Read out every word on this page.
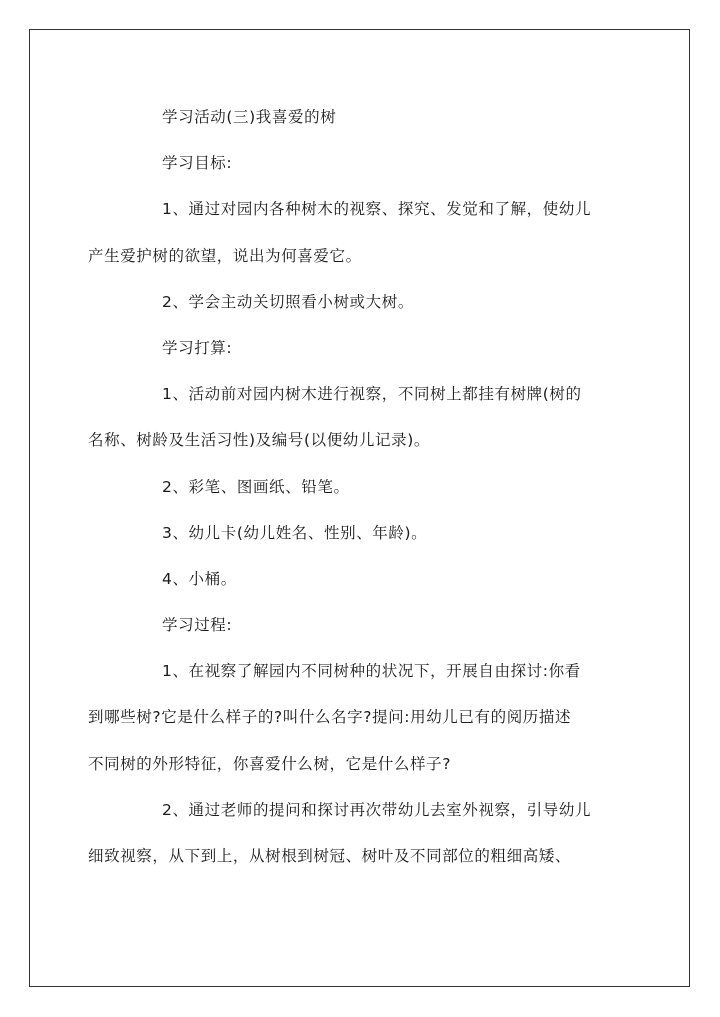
学习活动(三)我喜爱的树
学习目标:
1、通过对园内各种树木的视察、探究、发觉和了解，使幼儿
产生爱护树的欲望，说出为何喜爱它。
2、学会主动关切照看小树或大树。
学习打算:
1、活动前对园内树木进行视察，不同树上都挂有树牌(树的
名称、树龄及生活习性)及编号(以便幼儿记录)。
2、彩笔、图画纸、铅笔。
3、幼儿卡(幼儿姓名、性别、年龄)。
4、小桶。
学习过程:
1、在视察了解园内不同树种的状况下，开展自由探讨:你看
到哪些树?它是什么样子的?叫什么名字?提问:用幼儿已有的阅历描述
不同树的外形特征，你喜爱什么树，它是什么样子?
2、通过老师的提问和探讨再次带幼儿去室外视察，引导幼儿
细致视察，从下到上，从树根到树冠、树叶及不同部位的粗细高矮、
